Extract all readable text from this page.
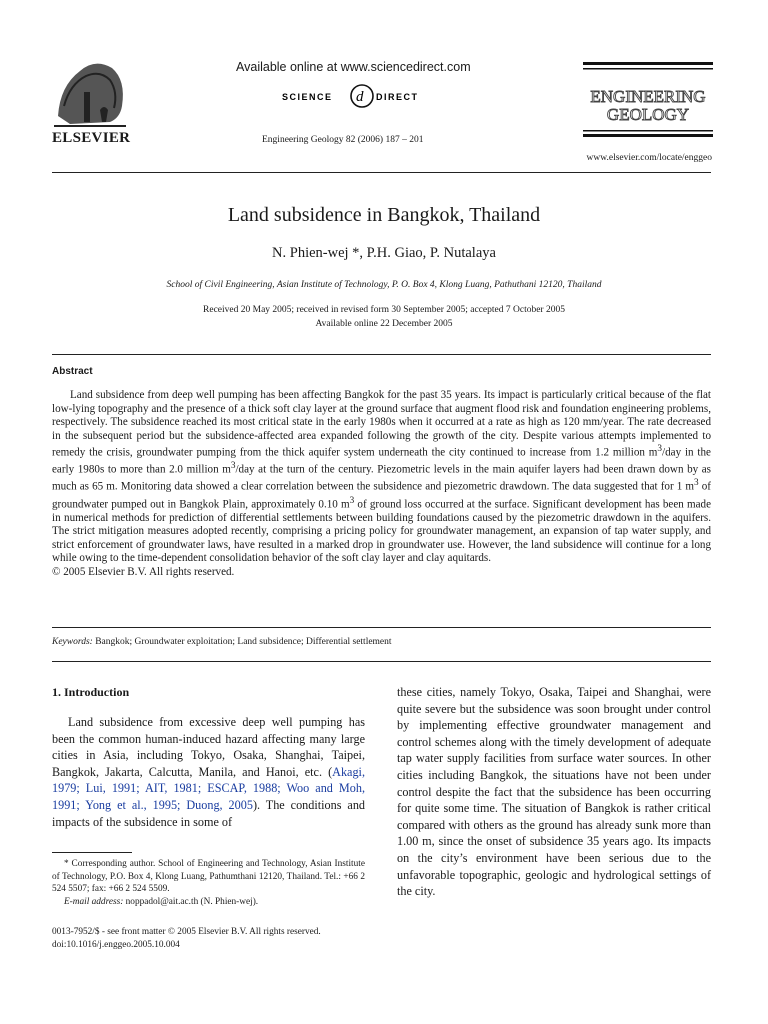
ELSEVIER
Available online at www.sciencedirect.com
SCIENCE d DIRECT
Engineering Geology 82 (2006) 187 – 201
ENGINEERING
GEOLOGY
www.elsevier.com/locate/enggeo
Land subsidence in Bangkok, Thailand
N. Phien-wej *, P.H. Giao, P. Nutalaya
School of Civil Engineering, Asian Institute of Technology, P. O. Box 4, Klong Luang, Pathuthani 12120, Thailand
Received 20 May 2005; received in revised form 30 September 2005; accepted 7 October 2005
Available online 22 December 2005
Abstract

Land subsidence from deep well pumping has been affecting Bangkok for the past 35 years. Its impact is particularly critical because of the flat low-lying topography and the presence of a thick soft clay layer at the ground surface that augment flood risk and foundation engineering problems, respectively. The subsidence reached its most critical state in the early 1980s when it occurred at a rate as high as 120 mm/year. The rate decreased in the subsequent period but the subsidence-affected area expanded following the growth of the city. Despite various attempts implemented to remedy the crisis, groundwater pumping from the thick aquifer system underneath the city continued to increase from 1.2 million $m^3$/day in the early 1980s to more than 2.0 million $m^3$/day at the turn of the century. Piezometric levels in the main aquifer layers had been drawn down by as much as 65 m. Monitoring data showed a clear correlation between the subsidence and piezometric drawdown. The data suggested that for 1 $m^3$ of groundwater pumped out in Bangkok Plain, approximately 0.10 $m^3$ of ground loss occurred at the surface. Significant development has been made in numerical methods for prediction of differential settlements between building foundations caused by the piezometric drawdown in the aquifers. The strict mitigation measures adopted recently, comprising a pricing policy for groundwater management, an expansion of tap water supply, and strict enforcement of groundwater laws, have resulted in a marked drop in groundwater use. However, the land subsidence will continue for a long while owing to the time-dependent consolidation behavior of the soft clay layer and clay aquitards.

© 2005 Elsevier B.V. All rights reserved.

Keywords: Bangkok; Groundwater exploitation; Land subsidence; Differential settlement
1. Introduction

Land subsidence from excessive deep well pumping has been the common human-induced hazard affecting many large cities in Asia, including Tokyo, Osaka, Shanghai, Taipei, Bangkok, Jakarta, Calcutta, Manila, and Hanoi, etc. (Akagi, 1979; Lui, 1991; AIT, 1981; ESCAP, 1988; Woo and Moh, 1991; Yong et al., 1995; Duong, 2005). The conditions and impacts of the subsidence in some of

these cities, namely Tokyo, Osaka, Taipei and Shanghai, were quite severe but the subsidence was soon brought under control by implementing effective groundwater management and control schemes along with the timely development of adequate tap water supply facilities from surface water sources. In other cities including Bangkok, the situations have not been under control despite the fact that the subsidence has been occurring for quite some time. The situation of Bangkok is rather critical compared with others as the ground has already sunk more than 1.00 m, since the onset of subsidence 35 years ago. Its impacts on the city’s environment have been serious due to the unfavorable topographic, geologic and hydrological settings of the city.

* Corresponding author. School of Engineering and Technology, Asian Institute of Technology, P.O. Box 4, Klong Luang, Pathumthani 12120, Thailand. Tel.: +66 2 524 5507; fax: +66 2 524 5509.
E-mail address: noppadol@ait.ac.th (N. Phien-wej).
0013-7952/$ - see front matter © 2005 Elsevier B.V. All rights reserved.
doi:10.1016/j.enggeo.2005.10.004
